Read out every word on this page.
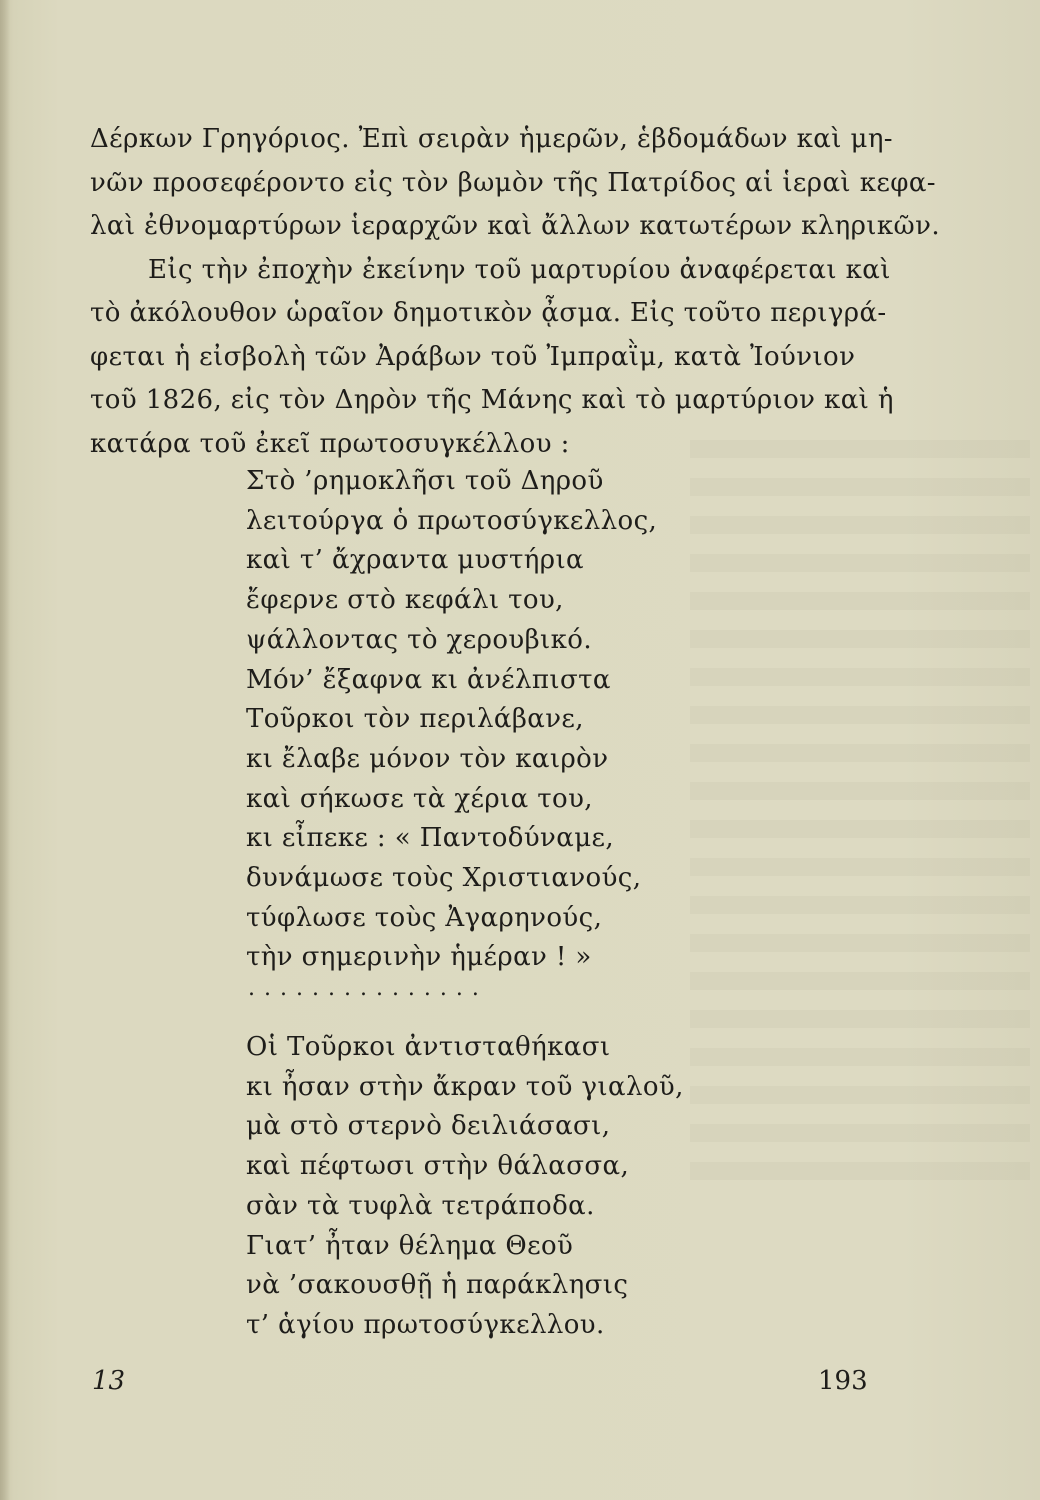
Δέρκων Γρηγόριος. Ἐπὶ σειρὰν ἡμερῶν, ἑβδομάδων καὶ μη-
νῶν προσεφέροντο εἰς τὸν βωμὸν τῆς Πατρίδος αἱ ἱεραὶ κεφα-
λαὶ ἐθνομαρτύρων ἱεραρχῶν καὶ ἄλλων κατωτέρων κληρικῶν.

Εἰς τὴν ἐποχὴν ἐκείνην τοῦ μαρτυρίου ἀναφέρεται καὶ
τὸ ἀκόλουθον ὡραῖον δημοτικὸν ᾆσμα. Εἰς τοῦτο περιγρά-
φεται ἡ εἰσβολὴ τῶν Ἀράβων τοῦ Ἰμπραῒμ, κατὰ Ἰούνιον
τοῦ 1826, εἰς τὸν Δηρὸν τῆς Μάνης καὶ τὸ μαρτύριον καὶ ἡ
κατάρα τοῦ ἐκεῖ πρωτοσυγκέλλου :

Στὸ ’ρημοκλῆσι τοῦ Δηροῦ
λειτούργα ὁ πρωτοσύγκελλος,
καὶ τ’ ἄχραντα μυστήρια
ἔφερνε στὸ κεφάλι του,
ψάλλοντας τὸ χερουβικό.
Μόν’ ἔξαφνα κι ἀνέλπιστα
Τοῦρκοι τὸν περιλάβανε,
κι ἔλαβε μόνον τὸν καιρὸν
καὶ σήκωσε τὰ χέρια του,
κι εἶπεκε : « Παντοδύναμε,
δυνάμωσε τοὺς Χριστιανούς,
τύφλωσε τοὺς Ἀγαρηνούς,
τὴν σημερινὴν ἡμέραν ! »
...............
Οἱ Τοῦρκοι ἀντισταθήκασι
κι ἦσαν στὴν ἄκραν τοῦ γιαλοῦ,
μὰ στὸ στερνὸ δειλιάσασι,
καὶ πέφτωσι στὴν θάλασσα,
σὰν τὰ τυφλὰ τετράποδα.
Γιατ’ ἦταν θέλημα Θεοῦ
νὰ ’σακουσθῇ ἡ παράκλησις
τ’ ἁγίου πρωτοσύγκελλου.
13	193
